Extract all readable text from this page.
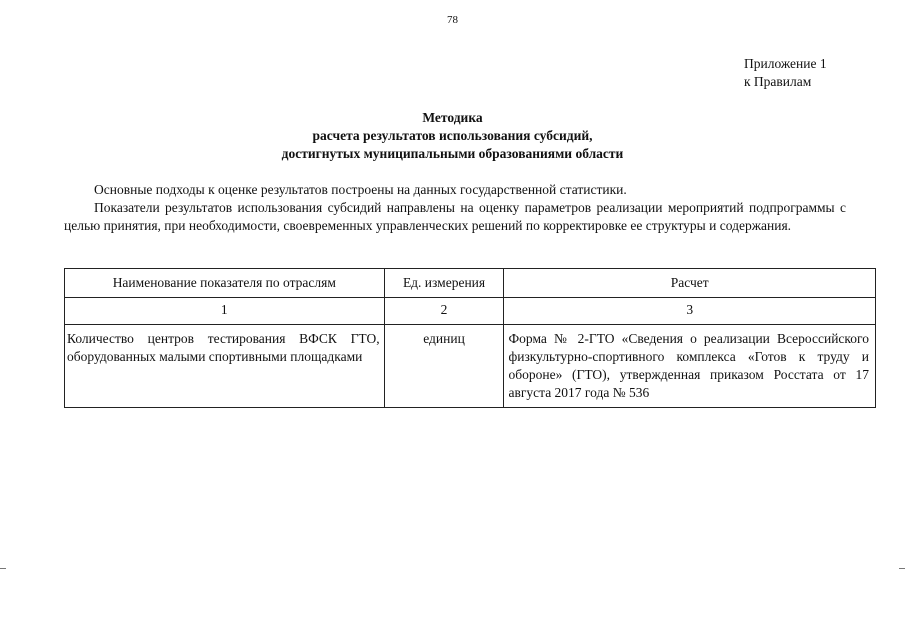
78
Приложение 1
к Правилам
Методика
расчета результатов использования субсидий,
достигнутых муниципальными образованиями области

Основные подходы к оценке результатов построены на данных государственной статистики.

Показатели результатов использования субсидий направлены на оценку параметров реализации мероприятий подпрограммы с целью принятия, при необходимости, своевременных управленческих решений по корректировке ее структуры и содержания.

Наименование показателя по отраслям	Ед. измерения	Расчет
1	2	3
Количество центров тестирования ВФСК ГТО, оборудованных малыми спортивными площадками	единиц	Форма № 2-ГТО «Сведения о реализации Всероссийского физкультурно-спортивного комплекса «Готов к труду и обороне» (ГТО), утвержденная приказом Росстата от 17 августа 2017 года № 536
